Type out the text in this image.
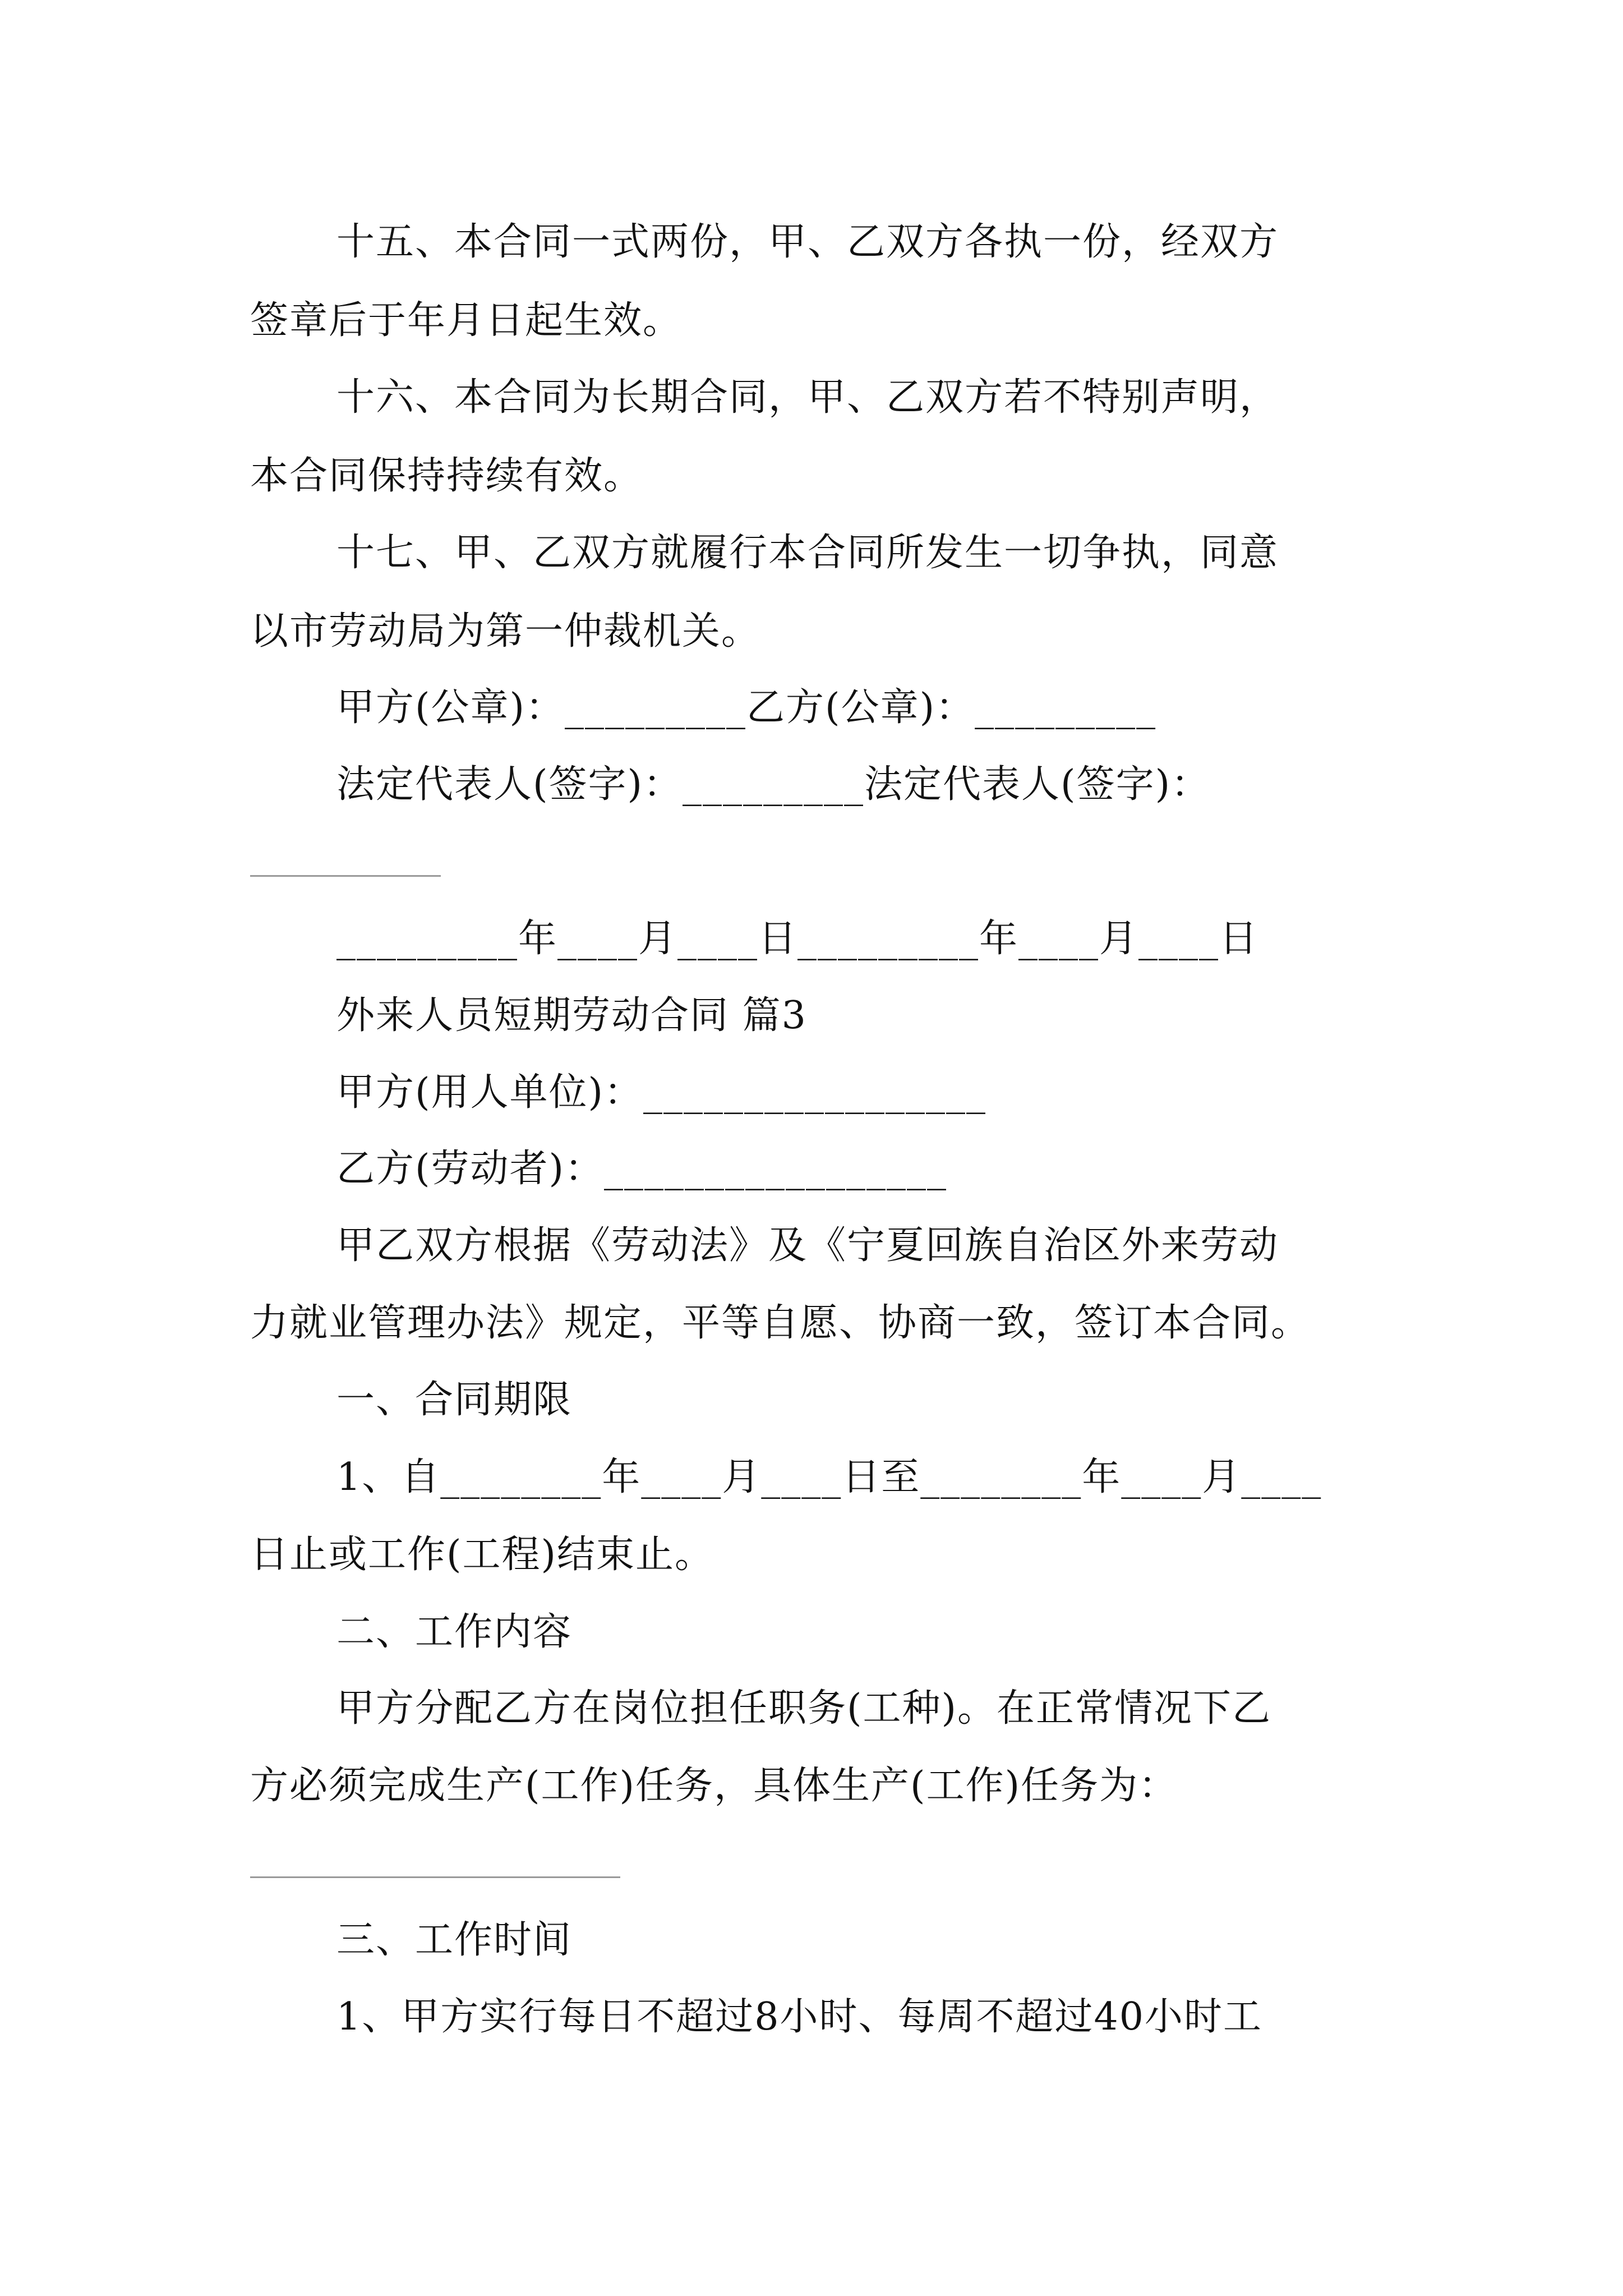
十五、本合同一式两份，甲、乙双方各执一份，经双方
签章后于年月日起生效。
十六、本合同为长期合同，甲、乙双方若不特别声明，
本合同保持持续有效。
十七、甲、乙双方就履行本合同所发生一切争执，同意
以市劳动局为第一仲裁机关。
甲方(公章)：_________乙方(公章)：_________
法定代表人(签字)：_________法定代表人(签字)：
_________年____月____日_________年____月____日
外来人员短期劳动合同 篇3
甲方(用人单位)：_________________
乙方(劳动者)：_________________
甲乙双方根据《劳动法》及《宁夏回族自治区外来劳动
力就业管理办法》规定，平等自愿、协商一致，签订本合同。
一、合同期限
1、自________年____月____日至________年____月____
日止或工作(工程)结束止。
二、工作内容
甲方分配乙方在岗位担任职务(工种)。在正常情况下乙
方必须完成生产(工作)任务，具体生产(工作)任务为：
三、工作时间
1、甲方实行每日不超过8小时、每周不超过40小时工
